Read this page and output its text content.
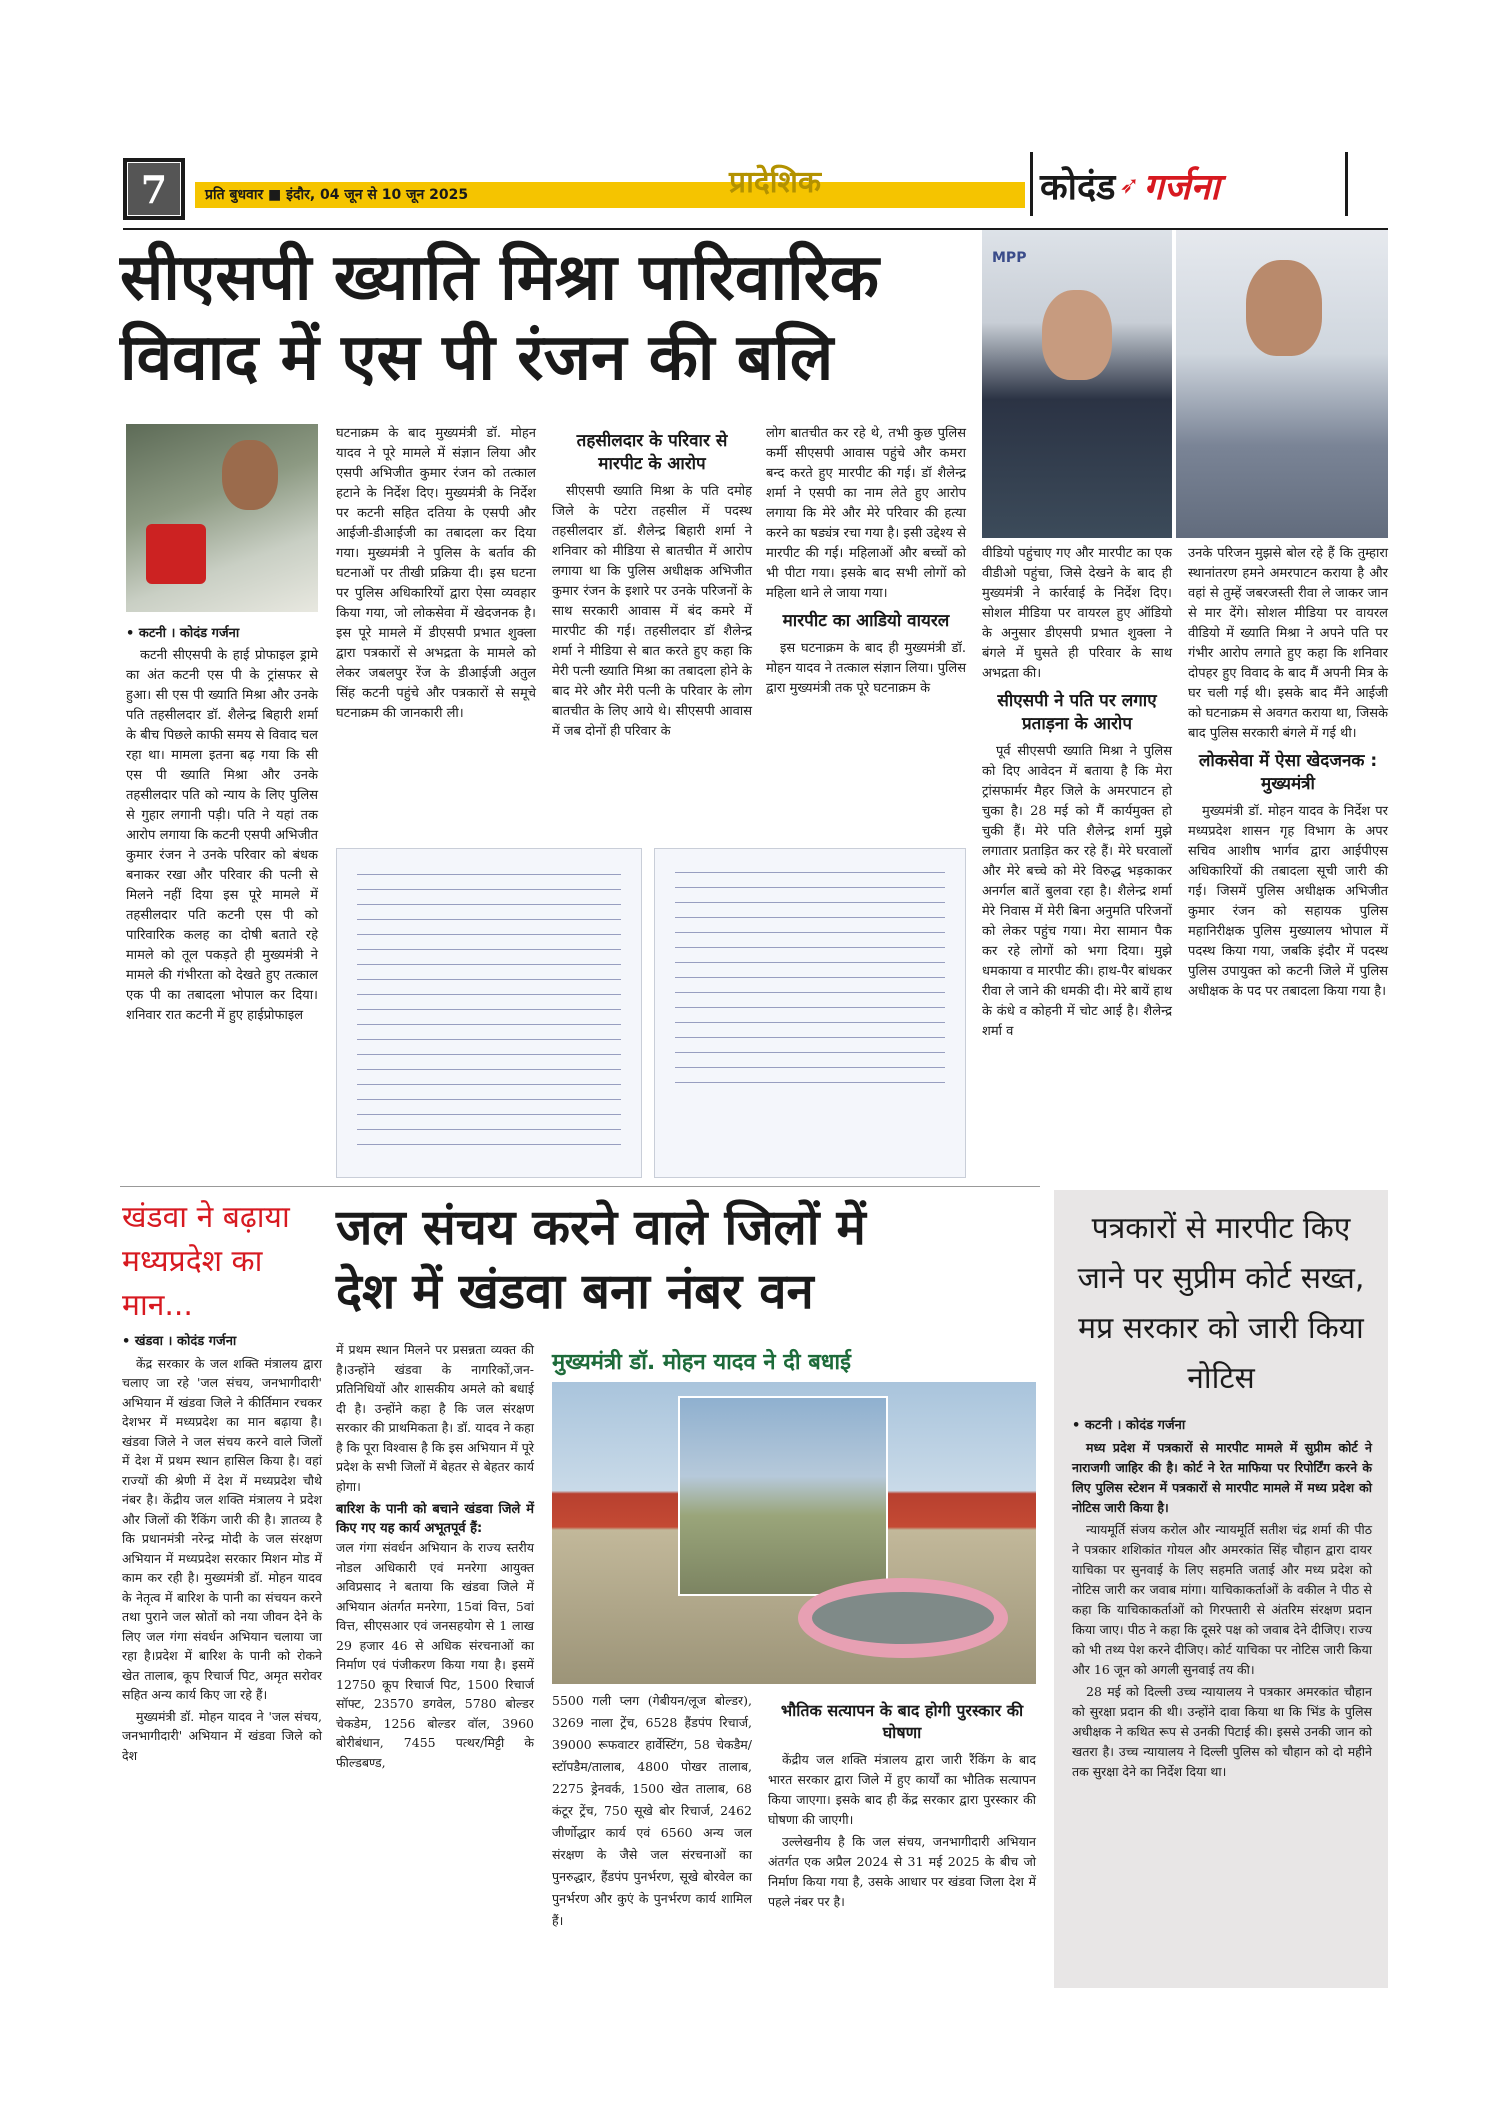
7	प्रति बुधवार ■ इंदौर, 04 जून से 10 जून 2025	प्रादेशिक	कोदंड ➶ गर्जना
सीएसपी ख्याति मिश्रा पारिवारिक
विवाद में एस पी रंजन की बलि
MPP

• कटनी । कोदंड गर्जना

कटनी सीएसपी के हाई प्रोफाइल ड्रामे का अंत कटनी एस पी के ट्रांसफर से हुआ। सी एस पी ख्याति मिश्रा और उनके पति तहसीलदार डॉ. शैलेन्द्र बिहारी शर्मा के बीच पिछले काफी समय से विवाद चल रहा था। मामला इतना बढ़ गया कि सी एस पी ख्याति मिश्रा और उनके तहसीलदार पति को न्याय के लिए पुलिस से गुहार लगानी पड़ी। पति ने यहां तक आरोप लगाया कि कटनी एसपी अभिजीत कुमार रंजन ने उनके परिवार को बंधक बनाकर रखा और परिवार की पत्नी से मिलने नहीं दिया इस पूरे मामले में तहसीलदार पति कटनी एस पी को पारिवारिक कलह का दोषी बताते रहे मामले को तूल पकड़ते ही मुख्यमंत्री ने मामले की गंभीरता को देखते हुए तत्काल एक पी का तबादला भोपाल कर दिया। शनिवार रात कटनी में हुए हाईप्रोफाइल

घटनाक्रम के बाद मुख्यमंत्री डॉ. मोहन यादव ने पूरे मामले में संज्ञान लिया और एसपी अभिजीत कुमार रंजन को तत्काल हटाने के निर्देश दिए। मुख्यमंत्री के निर्देश पर कटनी सहित दतिया के एसपी और आईजी-डीआईजी का तबादला कर दिया गया। मुख्यमंत्री ने पुलिस के बर्ताव की घटनाओं पर तीखी प्रक्रिया दी। इस घटना पर पुलिस अधिकारियों द्वारा ऐसा व्यवहार किया गया, जो लोकसेवा में खेदजनक है। इस पूरे मामले में डीएसपी प्रभात शुक्ला द्वारा पत्रकारों से अभद्रता के मामले को लेकर जबलपुर रेंज के डीआईजी अतुल सिंह कटनी पहुंचे और पत्रकारों से समूचे घटनाक्रम की जानकारी ली।

तहसीलदार के परिवार से मारपीट के आरोप

सीएसपी ख्याति मिश्रा के पति दमोह जिले के पटेरा तहसील में पदस्थ तहसीलदार डॉ. शैलेन्द्र बिहारी शर्मा ने शनिवार को मीडिया से बातचीत में आरोप लगाया था कि पुलिस अधीक्षक अभिजीत कुमार रंजन के इशारे पर उनके परिजनों के साथ सरकारी आवास में बंद कमरे में मारपीट की गई। तहसीलदार डॉ शैलेन्द्र शर्मा ने मीडिया से बात करते हुए कहा कि मेरी पत्नी ख्याति मिश्रा का तबादला होने के बाद मेरे और मेरी पत्नी के परिवार के लोग बातचीत के लिए आये थे। सीएसपी आवास में जब दोनों ही परिवार के

लोग बातचीत कर रहे थे, तभी कुछ पुलिस कर्मी सीएसपी आवास पहुंचे और कमरा बन्द करते हुए मारपीट की गई। डॉ शैलेन्द्र शर्मा ने एसपी का नाम लेते हुए आरोप लगाया कि मेरे और मेरे परिवार की हत्या करने का षड्यंत्र रचा गया है। इसी उद्देश्य से मारपीट की गई। महिलाओं और बच्चों को भी पीटा गया। इसके बाद सभी लोगों को महिला थाने ले जाया गया।

मारपीट का आडियो वायरल

इस घटनाक्रम के बाद ही मुख्यमंत्री डॉ. मोहन यादव ने तत्काल संज्ञान लिया। पुलिस द्वारा मुख्यमंत्री तक पूरे घटनाक्रम के

वीडियो पहुंचाए गए और मारपीट का एक वीडीओ पहुंचा, जिसे देखने के बाद ही मुख्यमंत्री ने कार्रवाई के निर्देश दिए। सोशल मीडिया पर वायरल हुए ऑडियो के अनुसार डीएसपी प्रभात शुक्ला ने बंगले में घुसते ही परिवार के साथ अभद्रता की।

सीएसपी ने पति पर लगाए प्रताड़ना के आरोप

पूर्व सीएसपी ख्याति मिश्रा ने पुलिस को दिए आवेदन में बताया है कि मेरा ट्रांसफार्मर मैहर जिले के अमरपाटन हो चुका है। 28 मई को मैं कार्यमुक्त हो चुकी हैं। मेरे पति शैलेन्द्र शर्मा मुझे लगातार प्रताड़ित कर रहे हैं। मेरे घरवालों और मेरे बच्चे को मेरे विरुद्ध भड़काकर अनर्गल बातें बुलवा रहा है। शैलेन्द्र शर्मा मेरे निवास में मेरी बिना अनुमति परिजनों को लेकर पहुंच गया। मेरा सामान पैक कर रहे लोगों को भगा दिया। मुझे धमकाया व मारपीट की। हाथ-पैर बांधकर रीवा ले जाने की धमकी दी। मेरे बायें हाथ के कंधे व कोहनी में चोट आई है। शैलेन्द्र शर्मा व

उनके परिजन मुझसे बोल रहे हैं कि तुम्हारा स्थानांतरण हमने अमरपाटन कराया है और वहां से तुम्हें जबरजस्ती रीवा ले जाकर जान से मार देंगे। सोशल मीडिया पर वायरल वीडियो में ख्याति मिश्रा ने अपने पति पर गंभीर आरोप लगाते हुए कहा कि शनिवार दोपहर हुए विवाद के बाद मैं अपनी मित्र के घर चली गई थी। इसके बाद मैंने आईजी को घटनाक्रम से अवगत कराया था, जिसके बाद पुलिस सरकारी बंगले में गई थी।

लोकसेवा में ऐसा खेदजनक : मुख्यमंत्री

मुख्यमंत्री डॉ. मोहन यादव के निर्देश पर मध्यप्रदेश शासन गृह विभाग के अपर सचिव आशीष भार्गव द्वारा आईपीएस अधिकारियों की तबादला सूची जारी की गई। जिसमें पुलिस अधीक्षक अभिजीत कुमार रंजन को सहायक पुलिस महानिरीक्षक पुलिस मुख्यालय भोपाल में पदस्थ किया गया, जबकि इंदौर में पदस्थ पुलिस उपायुक्त को कटनी जिले में पुलिस अधीक्षक के पद पर तबादला किया गया है।

खंडवा ने बढ़ाया मध्यप्रदेश का मान...

• खंडवा । कोदंड गर्जना

केंद्र सरकार के जल शक्ति मंत्रालय द्वारा चलाए जा रहे 'जल संचय, जनभागीदारी' अभियान में खंडवा जिले ने कीर्तिमान रचकर देशभर में मध्यप्रदेश का मान बढ़ाया है। खंडवा जिले ने जल संचय करने वाले जिलों में देश में प्रथम स्थान हासिल किया है। वहां राज्यों की श्रेणी में देश में मध्यप्रदेश चौथे नंबर है। केंद्रीय जल शक्ति मंत्रालय ने प्रदेश और जिलों की रैंकिंग जारी की है। ज्ञातव्य है कि प्रधानमंत्री नरेन्द्र मोदी के जल संरक्षण अभियान में मध्यप्रदेश सरकार मिशन मोड में काम कर रही है। मुख्यमंत्री डॉ. मोहन यादव के नेतृत्व में बारिश के पानी का संचयन करने तथा पुराने जल स्रोतों को नया जीवन देने के लिए जल गंगा संवर्धन अभियान चलाया जा रहा है।प्रदेश में बारिश के पानी को रोकने खेत तालाब, कूप रिचार्ज पिट, अमृत सरोवर सहित अन्य कार्य किए जा रहे हैं।

मुख्यमंत्री डॉ. मोहन यादव ने 'जल संचय, जनभागीदारी' अभियान में खंडवा जिले को देश

जल संचय करने वाले जिलों में
देश में खंडवा बना नंबर वन

में प्रथम स्थान मिलने पर प्रसन्नता व्यक्त की है।उन्होंने खंडवा के नागरिकों,जन-प्रतिनिधियों और शासकीय अमले को बधाई दी है। उन्होंने कहा है कि जल संरक्षण सरकार की प्राथमिकता है। डॉ. यादव ने कहा है कि पूरा विश्वास है कि इस अभियान में पूरे प्रदेश के सभी जिलों में बेहतर से बेहतर कार्य होगा।

बारिश के पानी को बचाने खंडवा जिले में किए गए यह कार्य अभूतपूर्व हैं:

जल गंगा संवर्धन अभियान के राज्य स्तरीय नोडल अधिकारी एवं मनरेगा आयुक्त अविप्रसाद ने बताया कि खंडवा जिले में अभियान अंतर्गत मनरेगा, 15वां वित्त, 5वां वित्त, सीएसआर एवं जनसहयोग से 1 लाख 29 हजार 46 से अधिक संरचनाओं का निर्माण एवं पंजीकरण किया गया है। इसमें 12750 कूप रिचार्ज पिट, 1500 रिचार्ज सॉफ्ट, 23570 डगवेल, 5780 बोल्डर चेकडेम, 1256 बोल्डर वॉल, 3960 बोरीबंधान, 7455 पत्थर/मिट्टी के फील्डबण्ड,

मुख्यमंत्री डॉ. मोहन यादव ने दी बधाई

5500 गली प्लग (गेबीयन/लूज बोल्डर), 3269 नाला ट्रेंच, 6528 हैंडपंप रिचार्ज, 39000 रूफवाटर हार्वेस्टिंग, 58 चेकडैम/स्टॉपडैम/तालाब, 4800 पोखर तालाब, 2275 ड्रेनवर्क, 1500 खेत तालाब, 68 कंटूर ट्रेंच, 750 सूखे बोर रिचार्ज, 2462 जीर्णोद्धार कार्य एवं 6560 अन्य जल संरक्षण के जैसे जल संरचनाओं का पुनरुद्धार, हैंडपंप पुनर्भरण, सूखे बोरवेल का पुनर्भरण और कुएं के पुनर्भरण कार्य शामिल हैं।

भौतिक सत्यापन के बाद होगी पुरस्कार की घोषणा

केंद्रीय जल शक्ति मंत्रालय द्वारा जारी रैंकिंग के बाद भारत सरकार द्वारा जिले में हुए कार्यों का भौतिक सत्यापन किया जाएगा। इसके बाद ही केंद्र सरकार द्वारा पुरस्कार की घोषणा की जाएगी।

उल्लेखनीय है कि जल संचय, जनभागीदारी अभियान अंतर्गत एक अप्रैल 2024 से 31 मई 2025 के बीच जो निर्माण किया गया है, उसके आधार पर खंडवा जिला देश में पहले नंबर पर है।

पत्रकारों से मारपीट किए जाने पर सुप्रीम कोर्ट सख्त, मप्र सरकार को जारी किया नोटिस

• कटनी । कोदंड गर्जना

मध्य प्रदेश में पत्रकारों से मारपीट मामले में सुप्रीम कोर्ट ने नाराजगी जाहिर की है। कोर्ट ने रेत माफिया पर रिपोर्टिंग करने के लिए पुलिस स्टेशन में पत्रकारों से मारपीट मामले में मध्य प्रदेश को नोटिस जारी किया है।

न्यायमूर्ति संजय करोल और न्यायमूर्ति सतीश चंद्र शर्मा की पीठ ने पत्रकार शशिकांत गोयल और अमरकांत सिंह चौहान द्वारा दायर याचिका पर सुनवाई के लिए सहमति जताई और मध्य प्रदेश को नोटिस जारी कर जवाब मांगा। याचिकाकर्ताओं के वकील ने पीठ से कहा कि याचिकाकर्ताओं को गिरफ्तारी से अंतरिम संरक्षण प्रदान किया जाए। पीठ ने कहा कि दूसरे पक्ष को जवाब देने दीजिए। राज्य को भी तथ्य पेश करने दीजिए। कोर्ट याचिका पर नोटिस जारी किया और 16 जून को अगली सुनवाई तय की।

28 मई को दिल्ली उच्च न्यायालय ने पत्रकार अमरकांत चौहान को सुरक्षा प्रदान की थी। उन्होंने दावा किया था कि भिंड के पुलिस अधीक्षक ने कथित रूप से उनकी पिटाई की। इससे उनकी जान को खतरा है। उच्च न्यायालय ने दिल्ली पुलिस को चौहान को दो महीने तक सुरक्षा देने का निर्देश दिया था।
